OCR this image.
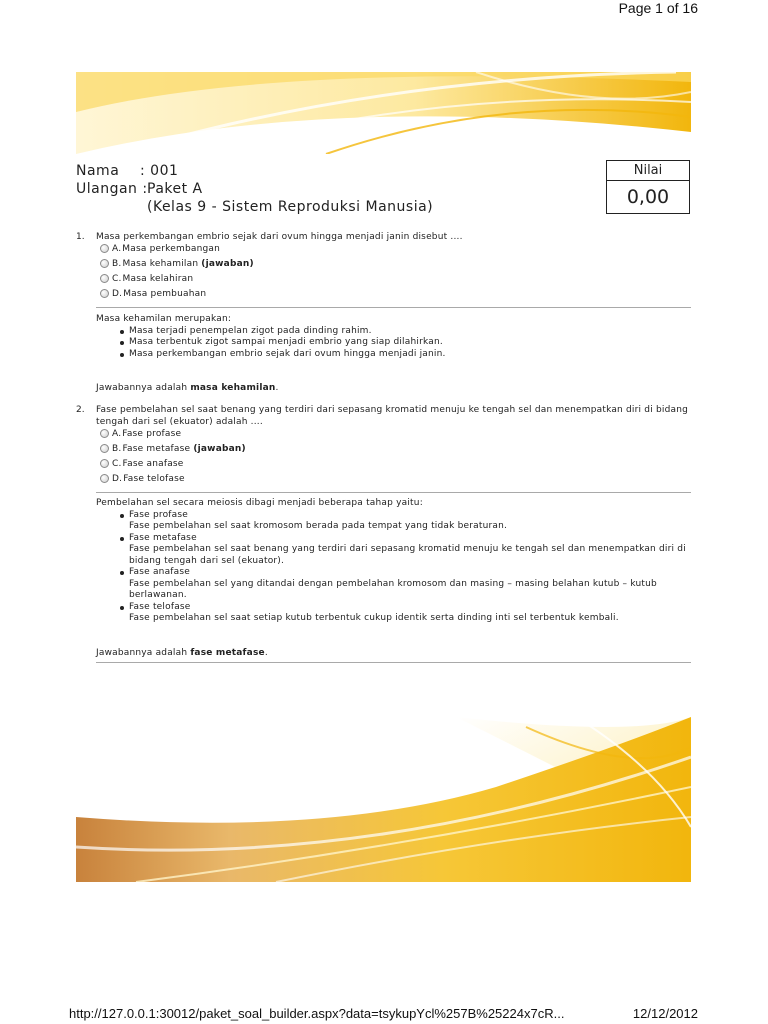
Page 1 of 16
Nama : 001
Ulangan : Paket A
(Kelas 9 - Sistem Reproduksi Manusia)
Nilai
0,00
1. Masa perkembangan embrio sejak dari ovum hingga menjadi janin disebut ....
A.Masa perkembangan
B.Masa kehamilan (jawaban)
C.Masa kelahiran
D.Masa pembuahan
Masa kehamilan merupakan:
Masa terjadi penempelan zigot pada dinding rahim.
Masa terbentuk zigot sampai menjadi embrio yang siap dilahirkan.
Masa perkembangan embrio sejak dari ovum hingga menjadi janin.
Jawabannya adalah masa kehamilan.
2. Fase pembelahan sel saat benang yang terdiri dari sepasang kromatid menuju ke tengah sel dan menempatkan diri di bidang tengah dari sel (ekuator) adalah ....
A.Fase profase
B.Fase metafase (jawaban)
C.Fase anafase
D.Fase telofase
Pembelahan sel secara meiosis dibagi menjadi beberapa tahap yaitu:
Fase profase
Fase pembelahan sel saat kromosom berada pada tempat yang tidak beraturan.
Fase metafase
Fase pembelahan sel saat benang yang terdiri dari sepasang kromatid menuju ke tengah sel dan menempatkan diri di bidang tengah dari sel (ekuator).
Fase anafase
Fase pembelahan sel yang ditandai dengan pembelahan kromosom dan masing – masing belahan kutub – kutub berlawanan.
Fase telofase
Fase pembelahan sel saat setiap kutub terbentuk cukup identik serta dinding inti sel terbentuk kembali.
Jawabannya adalah fase metafase.
http://127.0.0.1:30012/paket_soal_builder.aspx?data=tsykupYcl%257B%25224x7cR...	12/12/2012
